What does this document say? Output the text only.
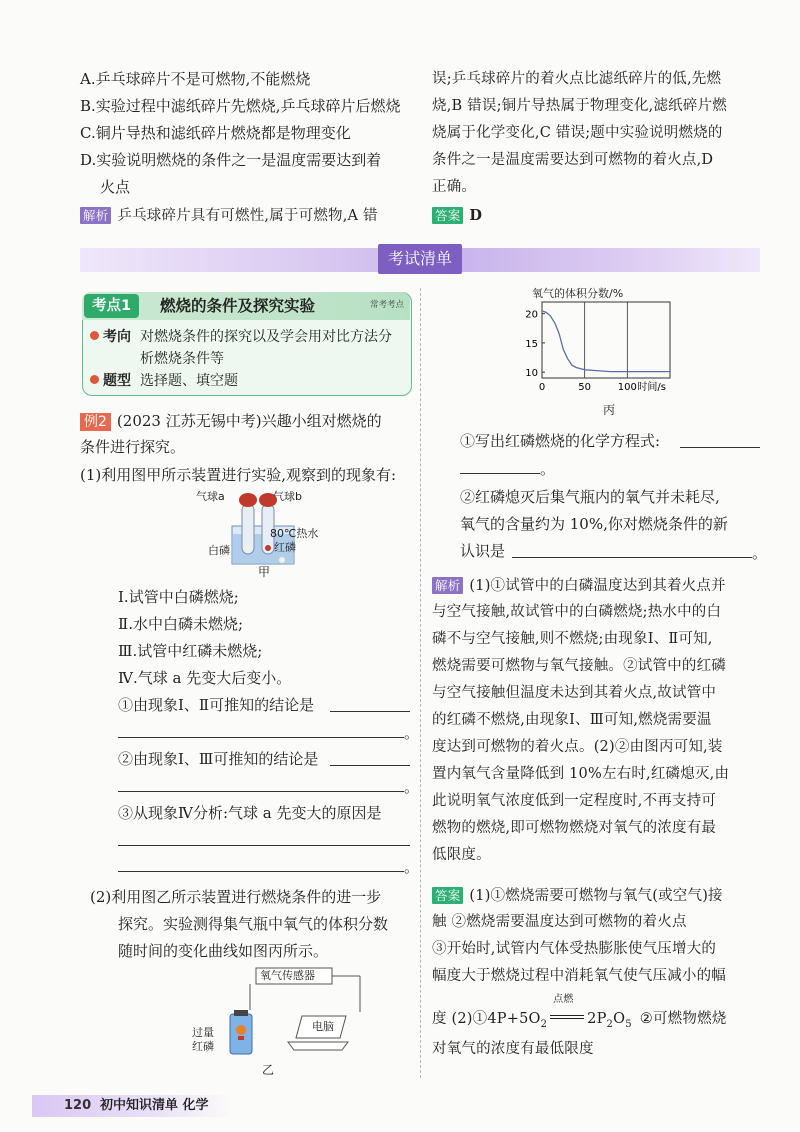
A.乒乓球碎片不是可燃物,不能燃烧
B.实验过程中滤纸碎片先燃烧,乒乓球碎片后燃烧
C.铜片导热和滤纸碎片燃烧都是物理变化
D.实验说明燃烧的条件之一是温度需要达到着
火点
解析 乒乓球碎片具有可燃性,属于可燃物,A 错
误;乒乓球碎片的着火点比滤纸碎片的低,先燃
烧,B 错误;铜片导热属于物理变化,滤纸碎片燃
烧属于化学变化,C 错误;题中实验说明燃烧的
条件之一是温度需要达到可燃物的着火点,D
正确。
答案 D
考试清单
考点1	燃烧的条件及探究实验	常考考点
考向 对燃烧条件的探究以及学会用对比方法分
析燃烧条件等
题型 选择题、填空题
例2 (2023 江苏无锡中考)兴趣小组对燃烧的
条件进行探究。
(1)利用图甲所示装置进行实验,观察到的现象有:
气球a	气球b
80℃热水
白磷	红磷
甲
Ⅰ.试管中白磷燃烧;
Ⅱ.水中白磷未燃烧;
Ⅲ.试管中红磷未燃烧;
Ⅳ.气球 a 先变大后变小。
①由现象Ⅰ、Ⅱ可推知的结论是
。
②由现象Ⅰ、Ⅲ可推知的结论是
。
③从现象Ⅳ分析:气球 a 先变大的原因是
。
(2)利用图乙所示装置进行燃烧条件的进一步
探究。实验测得集气瓶中氧气的体积分数
随时间的变化曲线如图丙所示。
氧气传感器
电脑
过量
红磷
乙
氧气的体积分数/%
0	50	100 时间/s
10
15
20
丙
①写出红磷燃烧的化学方程式:
。
②红磷熄灭后集气瓶内的氧气并未耗尽,
氧气的含量约为 10%,你对燃烧条件的新
认识是	。
解析 (1)①试管中的白磷温度达到其着火点并
与空气接触,故试管中的白磷燃烧;热水中的白
磷不与空气接触,则不燃烧;由现象Ⅰ、Ⅱ可知,
燃烧需要可燃物与氧气接触。②试管中的红磷
与空气接触但温度未达到其着火点,故试管中
的红磷不燃烧,由现象Ⅰ、Ⅲ可知,燃烧需要温
度达到可燃物的着火点。(2)②由图丙可知,装
置内氧气含量降低到 10%左右时,红磷熄灭,由
此说明氧气浓度低到一定程度时,不再支持可
燃物的燃烧,即可燃物燃烧对氧气的浓度有最
低限度。
答案 (1)①燃烧需要可燃物与氧气(或空气)接
触 ②燃烧需要温度达到可燃物的着火点
③开始时,试管内气体受热膨胀使气压增大的
幅度大于燃烧过程中消耗氧气使气压减小的幅
度 $(2)①4P+5O_2$
点燃
$2P_2O_5$ ②可燃物燃烧
对氧气的浓度有最低限度
120 初中知识清单 化学
